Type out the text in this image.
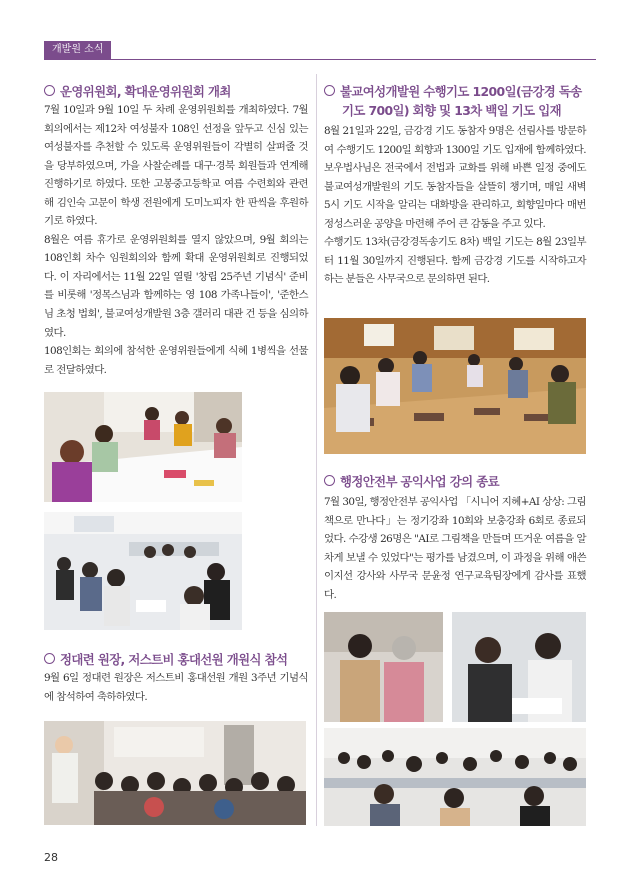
개발원 소식
운영위원회, 확대운영위원회 개최

7월 10일과 9월 10일 두 차례 운영위원회를 개최하였다. 7월 회의에서는 제12차 여성불자 108인 선정을 앞두고 신심 있는 여성불자를 추천할 수 있도록 운영위원들이 각별히 살펴줄 것을 당부하였으며, 가을 사찰순례를 대구·경북 회원들과 연계해 진행하기로 하였다. 또한 고봉중고등학교 여름 수련회와 관련해 김인숙 고문이 학생 전원에게 도미노피자 한 판씩을 후원하기로 하였다.

8월은 여름 휴가로 운영위원회를 열지 않았으며, 9월 회의는 108인회 차수 임원회의와 함께 확대 운영위원회로 진행되었다. 이 자리에서는 11월 22일 열릴 '창립 25주년 기념식' 준비를 비롯해 '정목스님과 함께하는 영 108 가족나들이', '준한스님 초청 법회', 불교여성개발원 3층 갤러리 대관 건 등을 심의하였다.

108인회는 회의에 참석한 운영위원들에게 식혜 1병씩을 선물로 전달하였다.

정대련 원장, 저스트비 홍대선원 개원식 참석

9월 6일 정대련 원장은 저스트비 홍대선원 개원 3주년 기념식에 참석하여 축하하였다.

불교여성개발원 수행기도 1200일(금강경 독송
기도 700일) 회향 및 13차 백일 기도 입재

8월 21일과 22일, 금강경 기도 동참자 9명은 선림사를 방문하여 수행기도 1200일 회향과 1300일 기도 입재에 함께하였다. 보우법사님은 전국에서 전법과 교화를 위해 바쁜 일정 중에도 불교여성개발원의 기도 동참자들을 살뜰히 챙기며, 매일 새벽 5시 기도 시작을 알리는 대화방을 관리하고, 회향일마다 매번 정성스러운 공양을 마련해 주어 큰 감동을 주고 있다.

수행기도 13차(금강경독송기도 8차) 백일 기도는 8월 23일부터 11월 30일까지 진행된다. 함께 금강경 기도를 시작하고자 하는 분들은 사무국으로 문의하면 된다.

행정안전부 공익사업 강의 종료

7월 30일, 행정안전부 공익사업 「시니어 지혜+AI 상상: 그림책으로 만나다」는 정기강좌 10회와 보충강좌 6회로 종료되었다. 수강생 26명은 "AI로 그림책을 만들며 뜨거운 여름을 알차게 보낼 수 있었다"는 평가를 남겼으며, 이 과정을 위해 애쓴 이지선 강사와 사무국 문윤정 연구교육팀장에게 감사를 표했다.

28
